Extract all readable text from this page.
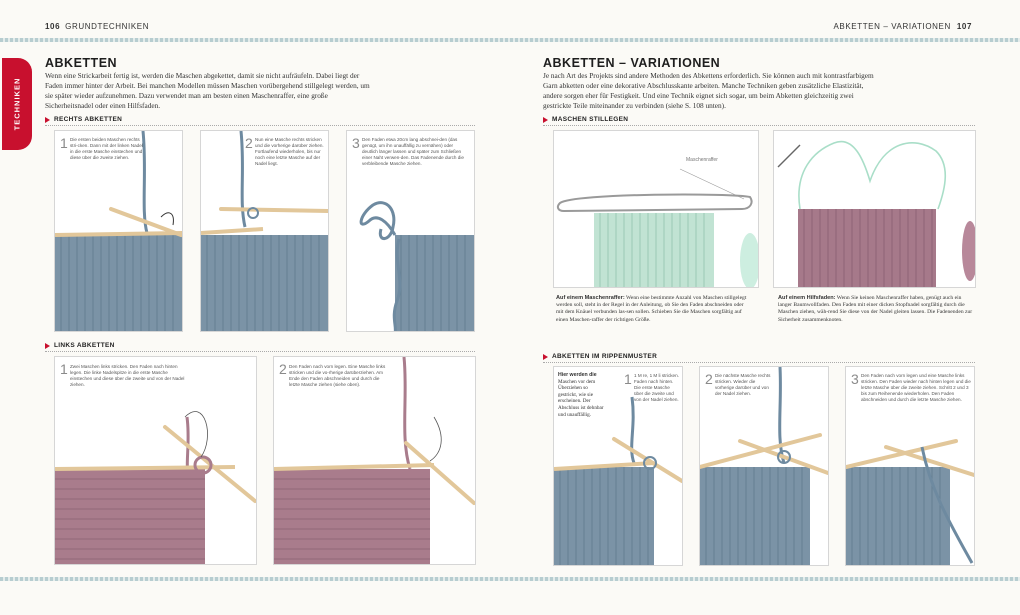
106 GRUNDTECHNIKEN	ABKETTEN – VARIATIONEN 107
TECHNIKEN
ABKETTEN

Wenn eine Strickarbeit fertig ist, werden die Maschen abgekettet, damit sie nicht aufräufeln. Dabei liegt der Faden immer hinter der Arbeit. Bei manchen Modellen müssen Maschen vorübergehend stillgelegt werden, um sie später wieder aufzunehmen. Dazu verwendet man am besten einen Maschenraffer, eine große Sicherheitsnadel oder einen Hilfsfaden.

RECHTS ABKETTEN
1 Die ersten beiden Maschen rechts stri-cken. Dann mit der linken Nadel in die erste Masche einstechen und diese über die zweite ziehen.

2 Nun eine Masche rechts stricken und die vorherige darüber ziehen. Fortlaufend wiederholen, bis nur noch eine letzte Masche auf der Nadel liegt.

3 Den Faden etwa 20cm lang abschnei-den (das genügt, um ihn unauffällig zu vernähen) oder deutlich länger lassen und später zum Schließen einer Naht verwen-den. Das Fadenende durch die verbleibende Masche ziehen.

LINKS ABKETTEN
1 Zwei Maschen links stricken. Den Faden nach hinten legen. Die linke Nadelspitze in die erste Masche einstechen und diese über die zweite und von der Nadel ziehen.

2 Den Faden nach vorn legen. Eine Masche links stricken und die vo-rherige darüberziehen. Am Ende den Faden abschneiden und durch die letzte Masche ziehen (siehe oben).

ABKETTEN – VARIATIONEN

Je nach Art des Projekts sind andere Methoden des Abkettens erforderlich. Sie können auch mit kontrastfarbigem Garn abketten oder eine dekorative Abschlusskante arbeiten. Manche Techniken geben zusätzliche Elastizität, andere sorgen eher für Festigkeit. Und eine Technik eignet sich sogar, um beim Abketten gleichzeitig zwei gestrickte Teile miteinander zu verbinden (siehe S. 108 unten).

MASCHEN STILLEGEN
Maschenraffer

Auf einem Maschenraffer: Wenn eine bestimmte Anzahl von Maschen stillgelegt werden soll, steht in der Regel in der Anleitung, ob Sie den Faden abschneiden oder mit dem Knäuel verbunden las-sen sollen. Schieben Sie die Maschen sorgfältig auf einen Maschen-raffer der richtigen Größe.

Auf einem Hilfsfaden: Wenn Sie keinen Maschenraffer haben, genügt auch ein langer Baumwollfaden. Den Faden mit einer dicken Stopfnadel sorgfältig durch die Maschen ziehen, wäh-rend Sie diese von der Nadel gleiten lassen. Die Fadenenden zur Sicherheit zusammenknoten.

ABKETTEN IM RIPPENMUSTER

Hier werden die Maschen vor dem Überziehen so gestrickt, wie sie erscheinen. Der Abschluss ist dehnbar und unauffällig.

1 1 M re, 1 M li stricken. Faden nach hinten. Die erste Masche über die zweite und von der Nadel ziehen.

2 Die nächste Masche rechts stricken. Wieder die vorherige darüber und von der Nadel ziehen.

3 Den Faden nach vorn legen und eine Masche links stricken. Den Faden wieder nach hinten legen und die letzte Masche über die zweite ziehen. Schritt 2 und 3 bis zum Reihenende wiederholen. Den Faden abschneiden und durch die letzte Masche ziehen.
